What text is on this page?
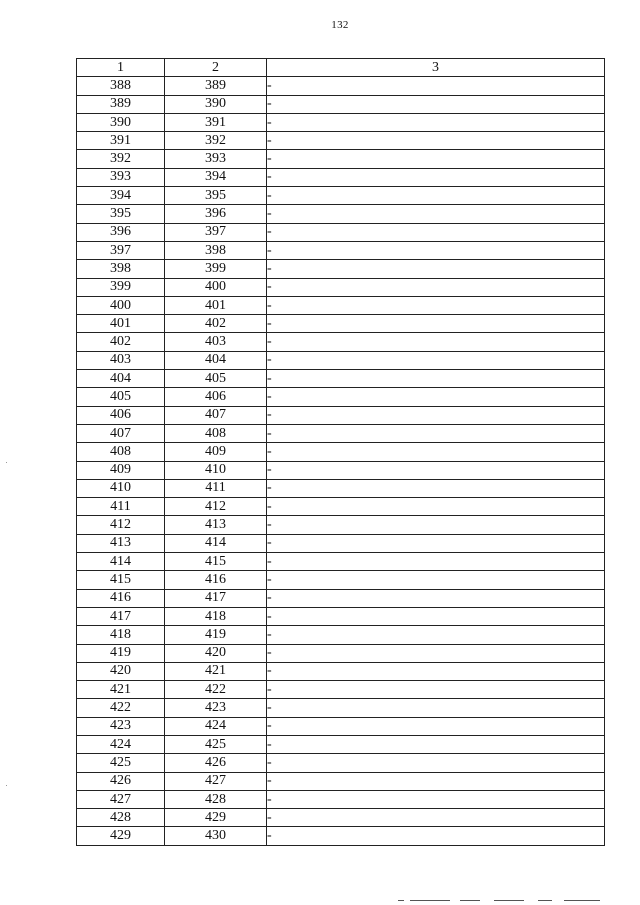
132
1	2	3
388	389	-
389	390	-
390	391	-
391	392	-
392	393	-
393	394	-
394	395	-
395	396	-
396	397	-
397	398	-
398	399	-
399	400	-
400	401	-
401	402	-
402	403	-
403	404	-
404	405	-
405	406	-
406	407	-
407	408	-
408	409	-
409	410	-
410	411	-
411	412	-
412	413	-
413	414	-
414	415	-
415	416	-
416	417	-
417	418	-
418	419	-
419	420	-
420	421	-
421	422	-
422	423	-
423	424	-
424	425	-
425	426	-
426	427	-
427	428	-
428	429	-
429	430	-
